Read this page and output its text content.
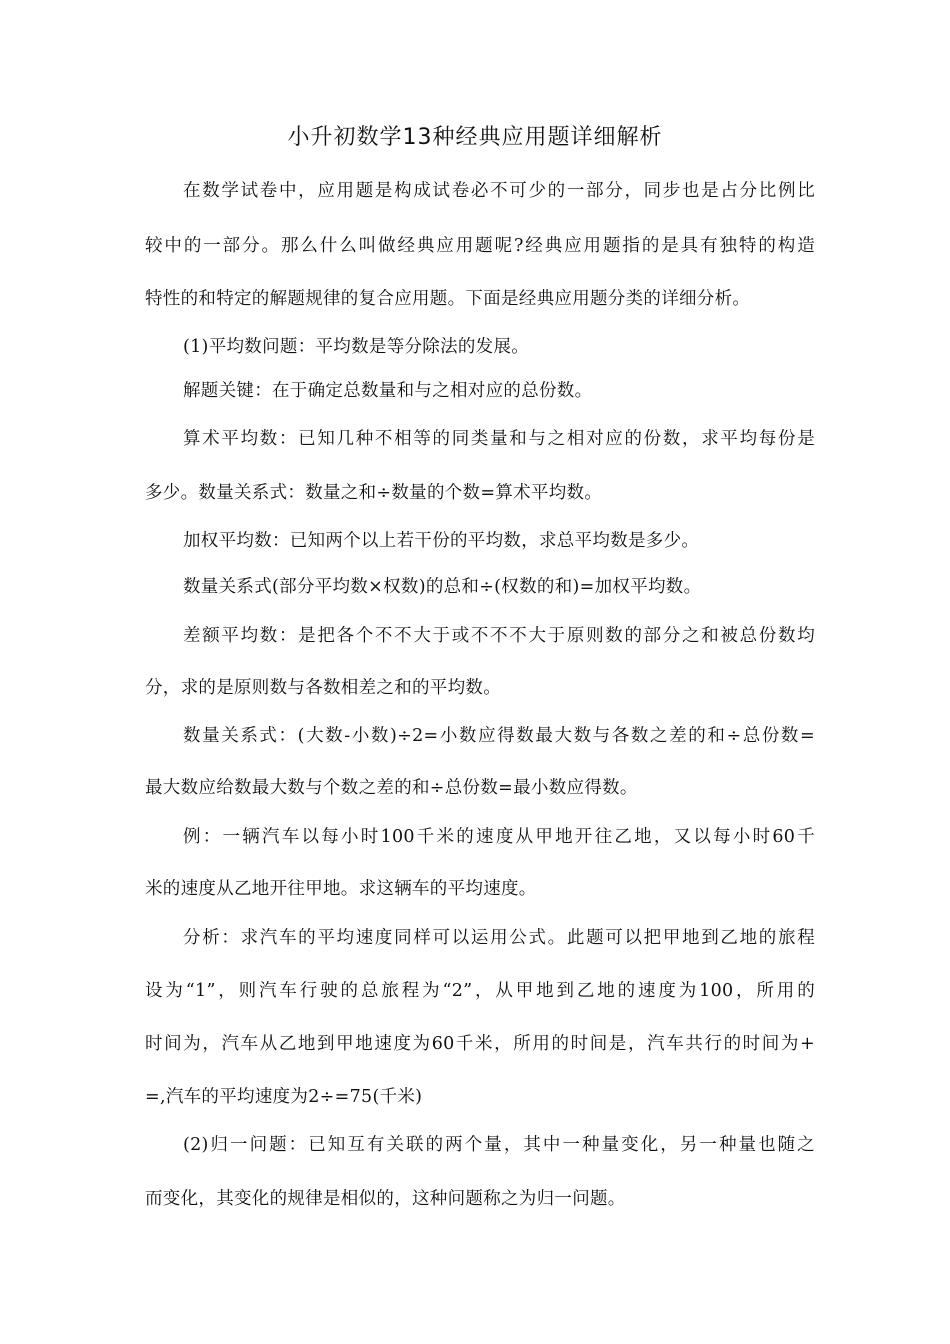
小升初数学13种经典应用题详细解析
在数学试卷中，应用题是构成试卷必不可少的一部分，同步也是占分比例比
较中的一部分。那么什么叫做经典应用题呢?经典应用题指的是具有独特的构造
特性的和特定的解题规律的复合应用题。下面是经典应用题分类的详细分析。
(1)平均数问题：平均数是等分除法的发展。
解题关键：在于确定总数量和与之相对应的总份数。
算术平均数：已知几种不相等的同类量和与之相对应的份数，求平均每份是
多少。数量关系式：数量之和÷数量的个数=算术平均数。
加权平均数：已知两个以上若干份的平均数，求总平均数是多少。
数量关系式(部分平均数×权数)的总和÷(权数的和)=加权平均数。
差额平均数：是把各个不不大于或不不不大于原则数的部分之和被总份数均
分，求的是原则数与各数相差之和的平均数。
数量关系式：(大数-小数)÷2=小数应得数最大数与各数之差的和÷总份数=
最大数应给数最大数与个数之差的和÷总份数=最小数应得数。
例：一辆汽车以每小时100千米的速度从甲地开往乙地，又以每小时60千
米的速度从乙地开往甲地。求这辆车的平均速度。
分析：求汽车的平均速度同样可以运用公式。此题可以把甲地到乙地的旅程
设为“1”，则汽车行驶的总旅程为“2”，从甲地到乙地的速度为100，所用的
时间为，汽车从乙地到甲地速度为60千米，所用的时间是，汽车共行的时间为+
=,汽车的平均速度为2÷=75(千米)
(2)归一问题：已知互有关联的两个量，其中一种量变化，另一种量也随之
而变化，其变化的规律是相似的，这种问题称之为归一问题。
